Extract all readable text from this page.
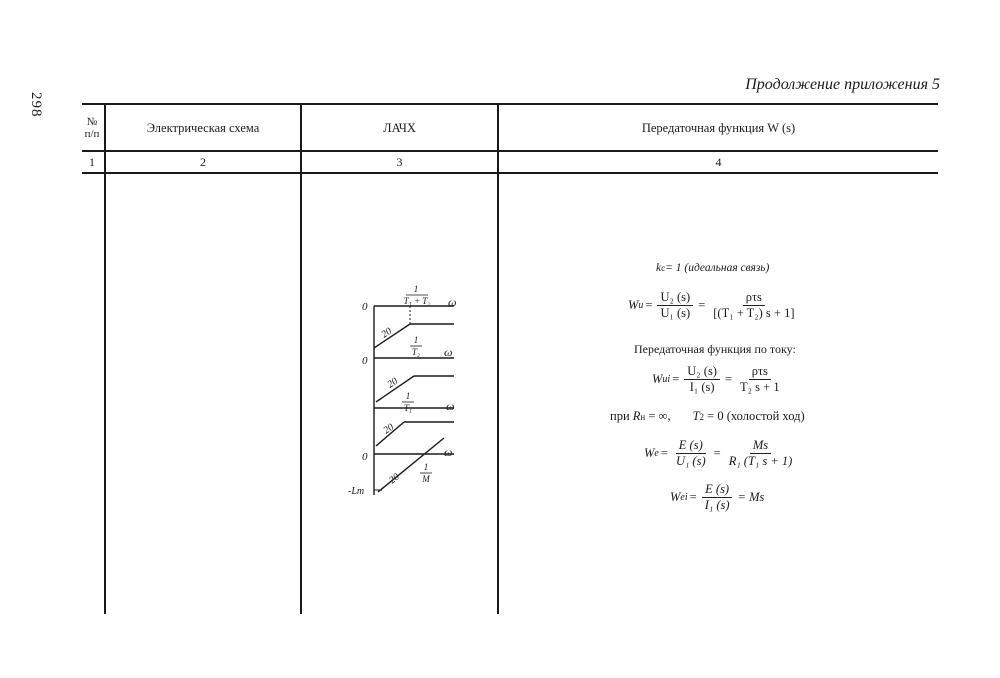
298
Продолжение приложения 5
№
п/п	Электрическая схема	ЛАЧХ	Передаточная функция W (s)
1	2	3	4
0	ω
1
T₁ + T₂
20
0
ω
1
T₂
20
ω
1
T₁
20
0	ω
1
M
20
-Lm
k c = 1 (идеальная связь)
W $u = \frac{\text{U₂ (s)}}{\text{U₁ (s)}} = \frac{\text{ρτs}}{\text{[(T₁ + T₂) s + 1]}}$
Передаточная функция по току:
W ui = $\frac{\text{U₂ (s)}}{\text{I₁ (s)}} = \frac{\text{ρτs}}{\text{T₂ s + 1}}$
при R н = ∞, T 2 = 0 (холостой ход)
W $e = \frac{E (s)}{\text{U₁ (s)}} = \frac{Ms}{\text{R₁ (T₁ s + 1)}}$
W ei = $\frac{E (s)}{\text{I₁ (s)}} = Ms$
